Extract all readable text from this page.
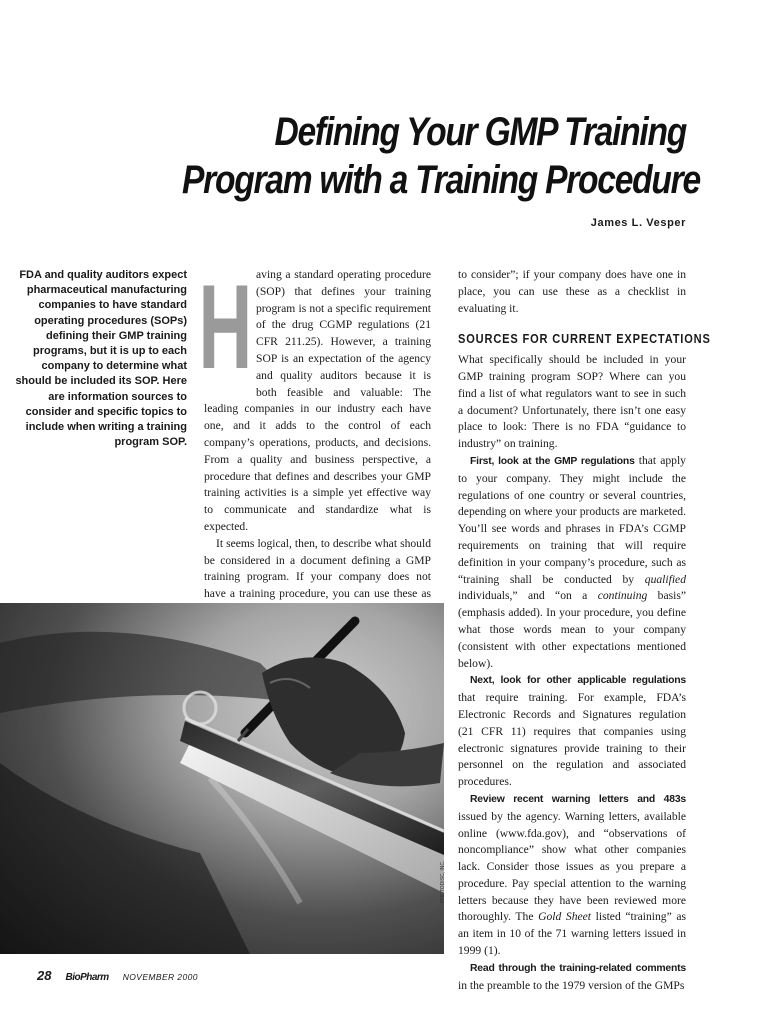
Defining Your GMP Training
Program with a Training Procedure
James L. Vesper
FDA and quality auditors expect pharmaceutical manufacturing companies to have standard operating procedures (SOPs) defining their GMP training programs, but it is up to each company to determine what should be included its SOP. Here are information sources to consider and specific topics to include when writing a training program SOP.
H aving a standard operating procedure (SOP) that defines your training program is not a specific requirement of the drug CGMP regulations (21 CFR 211.25). However, a training SOP is an expectation of the agency and quality auditors because it is both feasible and valuable: The leading companies in our industry each have one, and it adds to the control of each company’s operations, products, and decisions. From a quality and business perspective, a procedure that defines and describes your GMP training activities is a simple yet effective way to communicate and standardize what is expected.

It seems logical, then, to describe what should be considered in a document defining a GMP training program. If your company does not have a training procedure, you can use these as

to consider”; if your company does have one in place, you can use these as a checklist in evaluating it.

SOURCES FOR CURRENT EXPECTATIONS

What specifically should be included in your GMP training program SOP? Where can you find a list of what regulators want to see in such a document? Unfortunately, there isn’t one easy place to look: There is no FDA “guidance to industry” on training.

First, look at the GMP regulations that apply to your company. They might include the regulations of one country or several countries, depending on where your products are marketed. You’ll see words and phrases in FDA’s CGMP requirements on training that will require definition in your company’s procedure, such as “training shall be conducted by qualified individuals,” and “on a continuing basis” (emphasis added). In your procedure, you define what those words mean to your company (consistent with other expectations mentioned below).

Next, look for other applicable regulations that require training. For example, FDA’s Electronic Records and Signatures regulation (21 CFR 11) requires that companies using electronic signatures provide training to their personnel on the regulation and associated procedures.

Review recent warning letters and 483s issued by the agency. Warning letters, available online (www.fda.gov), and “observations of noncompliance” show what other companies lack. Consider those issues as you prepare a procedure. Pay special attention to the warning letters because they have been reviewed more thoroughly. The Gold Sheet listed “training” as an item in 10 of the 71 warning letters issued in 1999 (1).

Read through the training-related comments in the preamble to the 1979 version of the GMPs

PHOTODISC, INC.
28 BioPharm NOVEMBER 2000
